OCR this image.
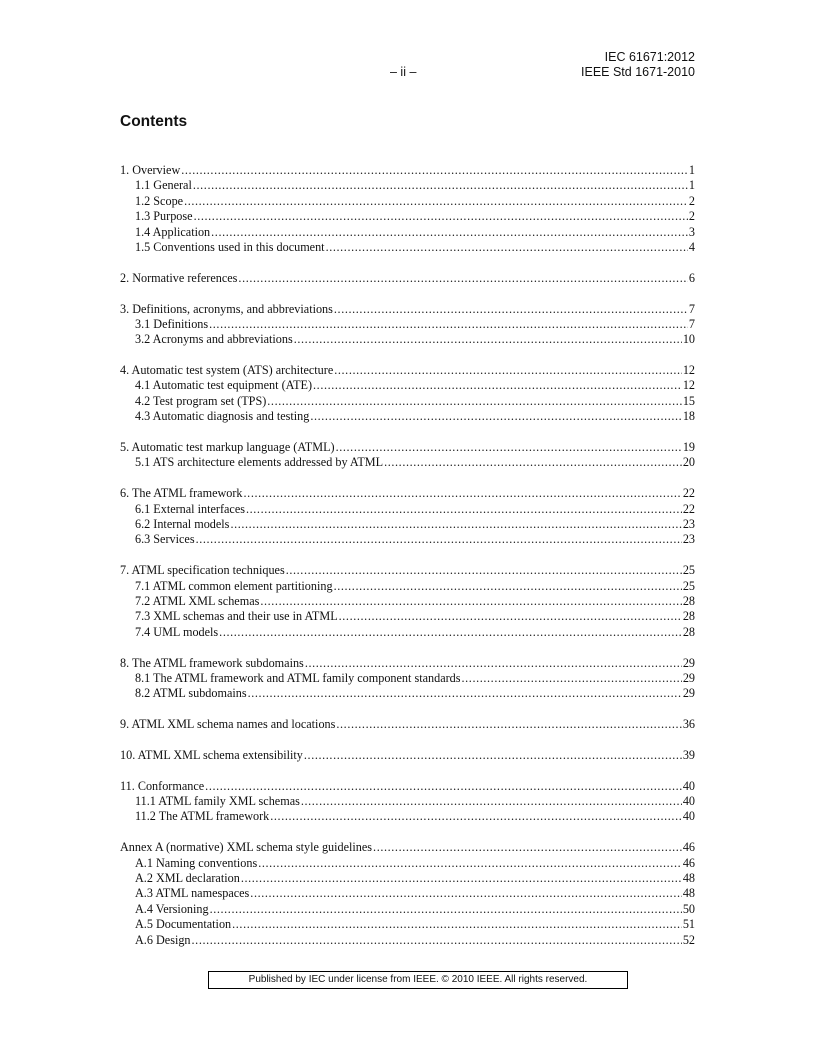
IEC 61671:2012
– ii –	IEEE Std 1671-2010
Contents
1. Overview .....	1
1.1 General .....	1
1.2 Scope .....	2
1.3 Purpose .....	2
1.4 Application .....	3
1.5 Conventions used in this document .....	4
2. Normative references .....	6
3. Definitions, acronyms, and abbreviations .....	7
3.1 Definitions .....	7
3.2 Acronyms and abbreviations .....	10
4. Automatic test system (ATS) architecture .....	12
4.1 Automatic test equipment (ATE) .....	12
4.2 Test program set (TPS) .....	15
4.3 Automatic diagnosis and testing .....	18
5. Automatic test markup language (ATML) .....	19
5.1 ATS architecture elements addressed by ATML .....	20
6. The ATML framework .....	22
6.1 External interfaces .....	22
6.2 Internal models .....	23
6.3 Services .....	23
7. ATML specification techniques .....	25
7.1 ATML common element partitioning .....	25
7.2 ATML XML schemas .....	28
7.3 XML schemas and their use in ATML .....	28
7.4 UML models .....	28
8. The ATML framework subdomains .....	29
8.1 The ATML framework and ATML family component standards .....	29
8.2 ATML subdomains .....	29
9. ATML XML schema names and locations .....	36
10. ATML XML schema extensibility .....	39
11. Conformance .....	40
11.1 ATML family XML schemas .....	40
11.2 The ATML framework .....	40
Annex A (normative) XML schema style guidelines .....	46
A.1 Naming conventions .....	46
A.2 XML declaration .....	48
A.3 ATML namespaces .....	48
A.4 Versioning .....	50
A.5 Documentation .....	51
A.6 Design .....	52
Published by IEC under license from IEEE. © 2010 IEEE. All rights reserved.
